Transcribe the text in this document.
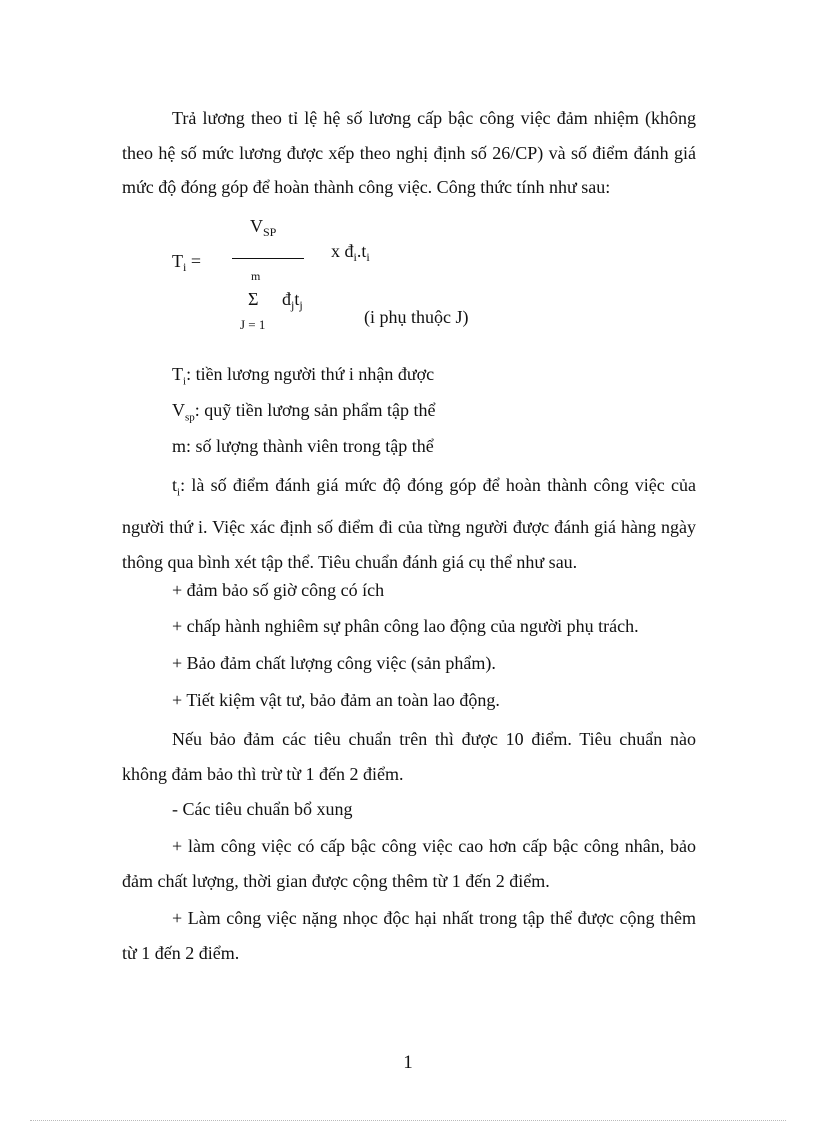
Trả lương theo tỉ lệ hệ số lương cấp bậc công việc đảm nhiệm (không theo hệ số mức lương được xếp theo nghị định số 26/CP) và số điểm đánh giá mức độ đóng góp để hoàn thành công việc. Công thức tính như sau:

$V_{SP}$
$T_i$ =	x $đ_i.t_i$
m
Σ $đ_jt_j$
J = 1	(i phụ thuộc J)

$T_i$: tiền lương người thứ i nhận được

$V_{sp}$: quỹ tiền lương sản phẩm tập thể

m: số lượng thành viên trong tập thể

$t_i$: là số điểm đánh giá mức độ đóng góp để hoàn thành công việc của người thứ i. Việc xác định số điểm đi của từng người được đánh giá hàng ngày thông qua bình xét tập thể. Tiêu chuẩn đánh giá cụ thể như sau.

+ đảm bảo số giờ công có ích

+ chấp hành nghiêm sự phân công lao động của người phụ trách.

+ Bảo đảm chất lượng công việc (sản phẩm).

+ Tiết kiệm vật tư, bảo đảm an toàn lao động.

Nếu bảo đảm các tiêu chuẩn trên thì được 10 điểm. Tiêu chuẩn nào không đảm bảo thì trừ từ 1 đến 2 điểm.

- Các tiêu chuẩn bổ xung

+ làm công việc có cấp bậc công việc cao hơn cấp bậc công nhân, bảo đảm chất lượng, thời gian được cộng thêm từ 1 đến 2 điểm.

+ Làm công việc nặng nhọc độc hại nhất trong tập thể được cộng thêm từ 1 đến 2 điểm.

1
